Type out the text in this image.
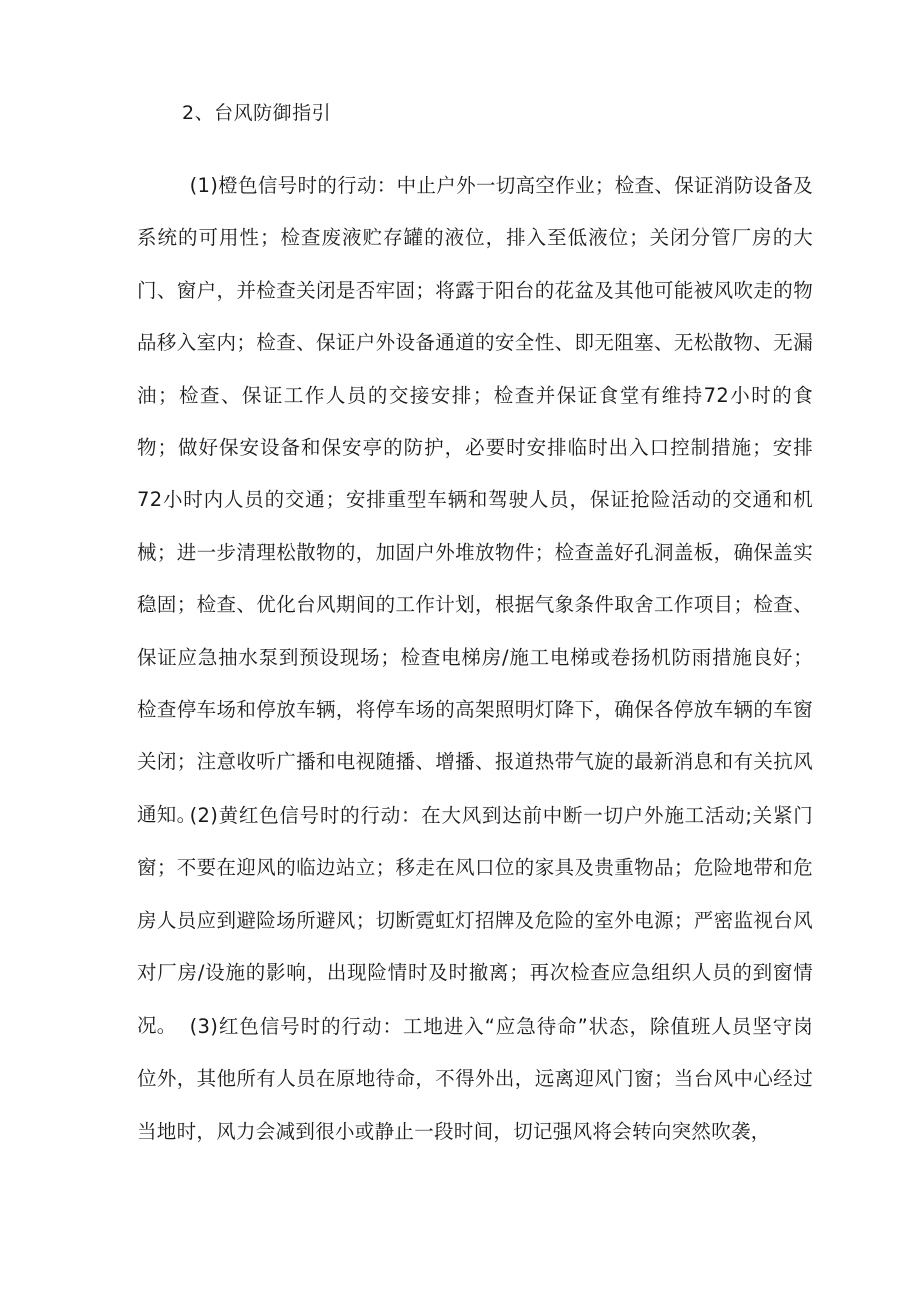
2、台风防御指引

(1)橙色信号时的行动：中止户外一切高空作业；检查、保证消防设备及系统的可用性；检查废液贮存罐的液位，排入至低液位；关闭分管厂房的大门、窗户，并检查关闭是否牢固；将露于阳台的花盆及其他可能被风吹走的物品移入室内；检查、保证户外设备通道的安全性、即无阻塞、无松散物、无漏油；检查、保证工作人员的交接安排；检查并保证食堂有维持72小时的食物；做好保安设备和保安亭的防护，必要时安排临时出入口控制措施；安排72小时内人员的交通；安排重型车辆和驾驶人员，保证抢险活动的交通和机械；进一步清理松散物的，加固户外堆放物件；检查盖好孔洞盖板，确保盖实稳固；检查、优化台风期间的工作计划，根据气象条件取舍工作项目；检查、保证应急抽水泵到预设现场；检查电梯房/施工电梯或卷扬机防雨措施良好；检查停车场和停放车辆，将停车场的高架照明灯降下，确保各停放车辆的车窗关闭；注意收听广播和电视随播、增播、报道热带气旋的最新消息和有关抗风通知。

(2)黄红色信号时的行动：在大风到达前中断一切户外施工活动;关紧门窗；不要在迎风的临边站立；移走在风口位的家具及贵重物品；危险地带和危房人员应到避险场所避风；切断霓虹灯招牌及危险的室外电源；严密监视台风对厂房/设施的影响，出现险情时及时撤离；再次检查应急组织人员的到窗情况。 (3)红色信号时的行动：工地进入“应急待命”状态，除值班人员坚守岗位外，其他所有人员在原地待命，不得外出，远离迎风门窗；当台风中心经过当地时，风力会减到很小或静止一段时间，切记强风将会转向突然吹袭，
